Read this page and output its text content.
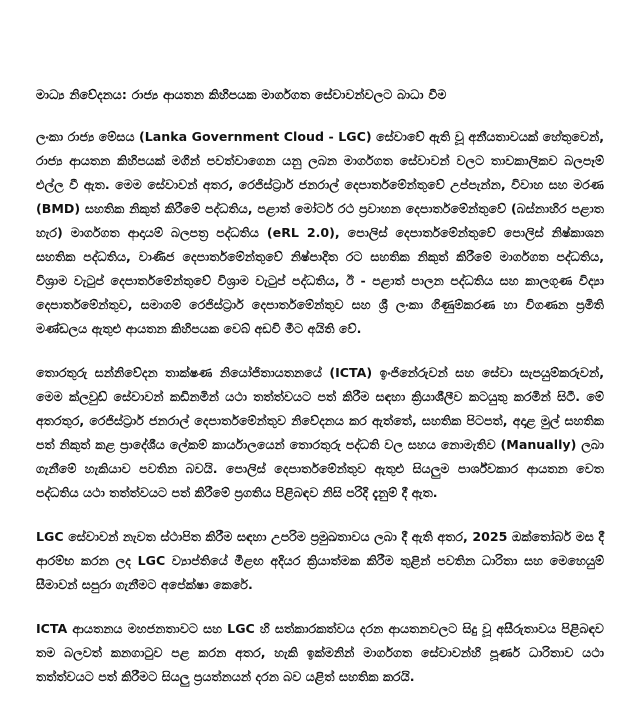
මාධ්‍ය නිවේදනය: රාජ්‍ය ආයතන කිහිපයක මාර්ගගත සේවාවන්වලට බාධා වීම

ලංකා රාජ්‍ය මේසය (Lanka Government Cloud - LGC) සේවාවේ ඇති වූ අනීයතාවයක් හේතුවෙන්, රාජ්‍ය ආයතන කිහිපයක් මගින් පවත්වාගෙන යනු ලබන මාර්ගගත සේවාවන් වලට තාවකාලිකව බලපෑම් එල්ල වී ඇත. මෙම සේවාවන් අතර, රෙජිස්ට්‍රාර් ජනරාල් දෙපාර්තමේන්තුවේ උප්පැන්න, විවාහ සහ මරණ (BMD) සහතික නිකුත් කිරීමේ පද්ධතිය, පළාත් මෝටර් රථ ප්‍රවාහන දෙපාර්තමේන්තුවේ (බස්නාහිර පළාත හැර) මාර්ගගත ආදායම් බලපත්‍ර පද්ධතිය (eRL 2.0), පොලිස් දෙපාර්තමේන්තුවේ පොලිස් නිෂ්කාශන සහතික පද්ධතිය, වාණිජ දෙපාර්තමේන්තුවේ නිෂ්පාදිත රට සහතික නිකුත් කිරීමේ මාර්ගගත පද්ධතිය, විශ්‍රාම වැටුප් දෙපාර්තමේන්තුවේ විශ්‍රාම වැටුප් පද්ධතිය, ඊ - පළාත් පාලන පද්ධතිය සහ කාලගුණ විද්‍යා දෙපාර්තමේන්තුව, සමාගම් රෙජිස්ට්‍රාර් දෙපාර්තමේන්තුව සහ ශ්‍රී ලංකා ගිණුම්කරණ හා විගණන ප්‍රමිති මණ්ඩලය ඇතුළු ආයතන කිහිපයක වෙබ් අඩවි මීට අයිති වේ.

තොරතුරු සන්නිවේදන තාක්ෂණ නියෝජිතායතනයේ (ICTA) ඉංජිනේරුවන් සහ සේවා සැපයුම්කරුවන්, මෙම ක්ලවුඩ් සේවාවන් කඩිනමින් යථා තත්ත්වයට පත් කිරීම සඳහා ක්‍රියාශීලීව කටයුතු කරමින් සිටී. මේ අතරතුර, රෙජිස්ට්‍රාර් ජනරාල් දෙපාර්තමේන්තුව නිවේදනය කර ඇත්තේ, සහතික පිටපත්, අදාළ මුල් සහතික පත් නිකුත් කළ ප්‍රාදේශීය ලේකම් කාර්යාලයෙන් තොරතුරු පද්ධති වල සහය නොමැතිව (Manually) ලබා ගැනීමේ හැකියාව පවතින බවයි. පොලිස් දෙපාර්තමේන්තුව ඇතුළු සියලුම පාර්ශ්වකාර ආයතන වෙත පද්ධතිය යථා තත්ත්වයට පත් කිරීමේ ප්‍රගතිය පිළිබඳව නිසි පරිදි දැනුම් දී ඇත.

LGC සේවාවන් නැවත ස්ථාපිත කිරීම සඳහා උපරිම ප්‍රමුඛතාවය ලබා දී ඇති අතර, 2025 ඔක්තෝබර් මස දී ආරම්භ කරන ලද LGC ව්‍යාප්තියේ මීළඟ අදියර ක්‍රියාත්මක කිරීම තුළින් පවතින ධාරිතා සහ මෙහෙයුම් සීමාවන් සපුරා ගැනීමට අපේක්ෂා කෙරේ.

ICTA ආයතනය මහජනතාවට සහ LGC හි සත්කාරකත්වය දරන ආයතනවලට සිදු වූ අසීරුතාවය පිළිබඳව තම බලවත් කනගාටුව පළ කරන අතර, හැකි ඉක්මනින් මාර්ගගත සේවාවන්හි පූර්ණ ධාරිතාව යථා තත්ත්වයට පත් කිරීමට සියලු ප්‍රයත්නයන් දරන බව යළිත් සහතික කරයි.
